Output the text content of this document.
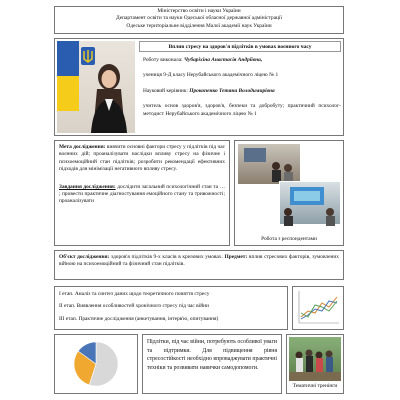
Міністерство освіти і науки України
Департамент освіти та науки Одеської обласної державної адміністрації
Одеське територіальне відділення Малої академії наук України
Вплив стресу на здоров'я підлітків в умовах воєнного часу
Роботу виконала: Чубаріхіна Анастасія Андріївна,
учениця 9-Д класу Нерубайського академічного ліцею № 1
Науковий керівник: Прокопенко Тетяна Володимирівна
учитель основ здоров'я, здоров'я, безпеки та добробуту; практичний психолог-методист Нерубайського академічного ліцею № 1
Мета дослідження: вивчити основні фактори стресу у підлітків під час воєнних дій; проаналізувати наслідки впливу стресу на фізичне і психоемоційний стан підлітків; розробити рекомендації ефективних підходів для мінімізації негативного впливу стресу.
Завдання дослідження: дослідити загальний психологічний стан та … ; провести практичне діагностування емоційного стану та тривожності; проаналізувати
Робота з респондентами
Об'єкт дослідження: здоров'я підлітків 9-х класів в кризових умовах. Предмет: вплив стресових факторів, зумовлених війною на психоемоційний та фізичний стан підлітків.
I етап. Аналіз та синтез даних щодо теоретичного поняття стресу
II етап. Виявлення особливостей хронічного стресу під час війни
III етап. Практичне дослідження (анкетування, інтерв'ю, опитування)
Підлітки, під час війни, потребують особливої уваги та підтримки. Для підвищення рівня стресостійкості необхідно впроваджувати практичні техніки та розвивати навички самодопомоги.
Тематичні тренінги
